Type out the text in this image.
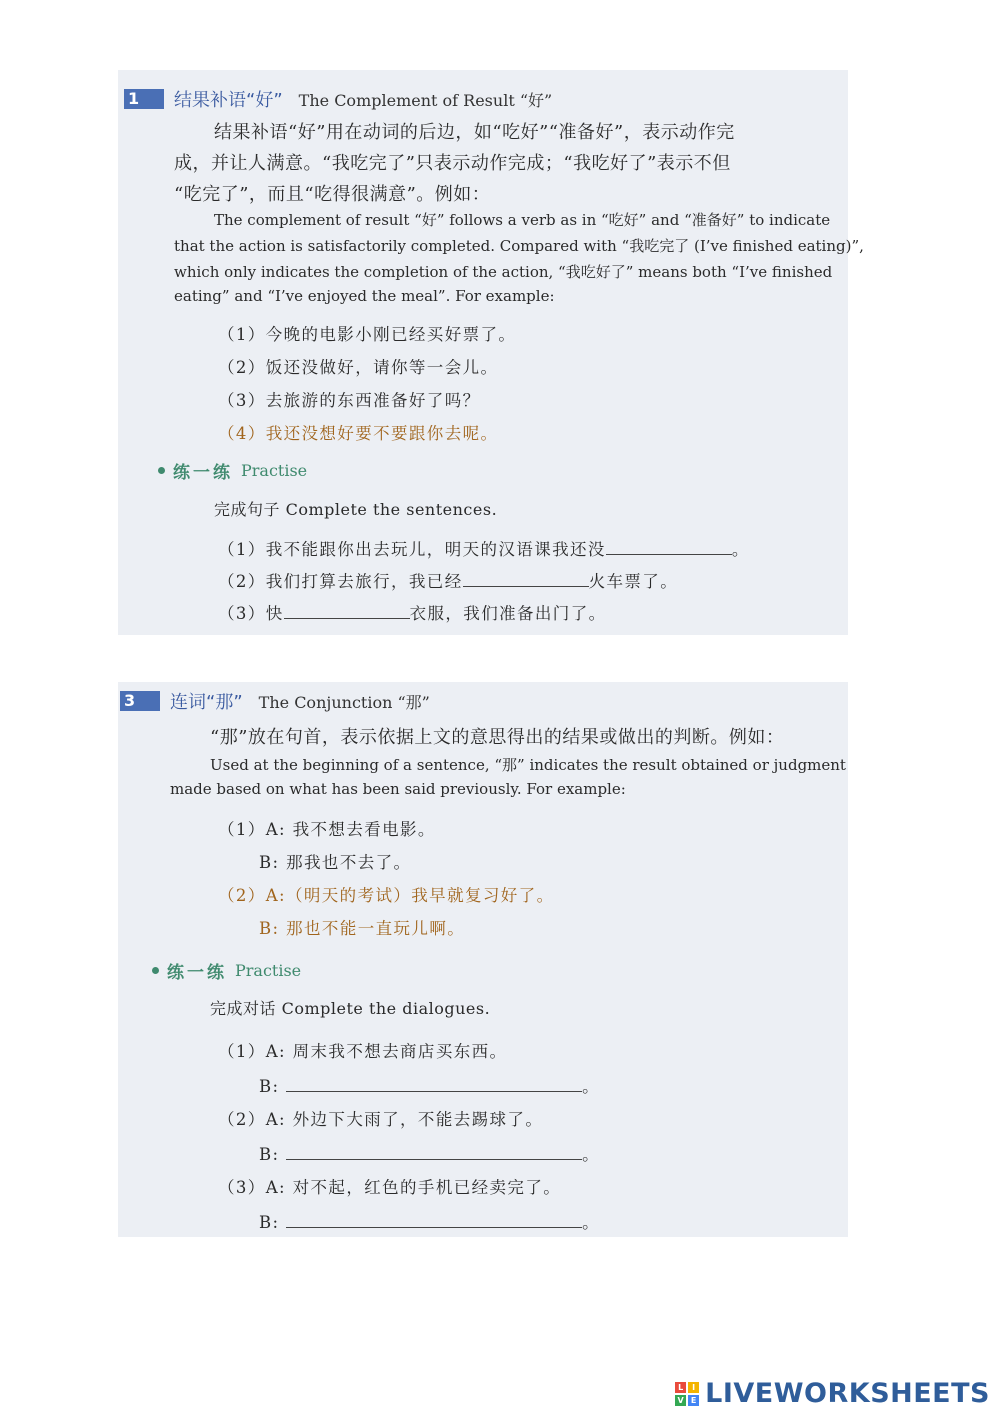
1	结果补语“好” The Complement of Result “好”
结果补语“好”用在动词的后边，如“吃好”“准备好”，表示动作完
成，并让人满意。“我吃完了”只表示动作完成；“我吃好了”表示不但
“吃完了”，而且“吃得很满意”。例如：
The complement of result “好” follows a verb as in “吃好” and “准备好” to indicate
that the action is satisfactorily completed. Compared with “我吃完了 (I’ve finished eating)”,
which only indicates the completion of the action, “我吃好了” means both “I’ve finished
eating” and “I’ve enjoyed the meal”. For example:
（1）今晚的电影小刚已经买好票了。
（2）饭还没做好，请你等一会儿。
（3）去旅游的东西准备好了吗？
（4）我还没想好要不要跟你去呢。
练一练 Practise
完成句子 Complete the sentences.
（1）我不能跟你出去玩儿，明天的汉语课我还没	。
（2）我们打算去旅行，我已经	火车票了。
（3）快	衣服，我们准备出门了。
3	连词“那” The Conjunction “那”
“那”放在句首，表示依据上文的意思得出的结果或做出的判断。例如：
Used at the beginning of a sentence, “那” indicates the result obtained or judgment
made based on what has been said previously. For example:
（1）A: 我不想去看电影。
B: 那我也不去了。
（2）A:（明天的考试）我早就复习好了。
B: 那也不能一直玩儿啊。
练一练 Practise
完成对话 Complete the dialogues.
（1）A: 周末我不想去商店买东西。
B:	。
（2）A: 外边下大雨了，不能去踢球了。
B:	。
（3）A: 对不起，红色的手机已经卖完了。
B:	。
L	I
V E LIVEWORKSHEETS
